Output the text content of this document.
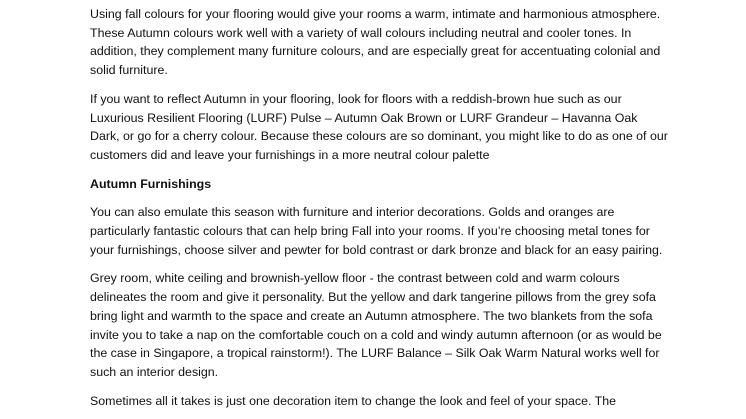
Using fall colours for your flooring would give your rooms a warm, intimate and harmonious atmosphere. These Autumn colours work well with a variety of wall colours including neutral and cooler tones. In addition, they complement many furniture colours, and are especially great for accentuating colonial and solid furniture.

If you want to reflect Autumn in your flooring, look for floors with a reddish-brown hue such as our Luxurious Resilient Flooring (LURF) Pulse – Autumn Oak Brown or LURF Grandeur – Havanna Oak Dark, or go for a cherry colour. Because these colours are so dominant, you might like to do as one of our customers did and leave your furnishings in a more neutral colour palette

Autumn Furnishings

You can also emulate this season with furniture and interior decorations. Golds and oranges are particularly fantastic colours that can help bring Fall into your rooms. If you’re choosing metal tones for your furnishings, choose silver and pewter for bold contrast or dark bronze and black for an easy pairing.

Grey room, white ceiling and brownish-yellow floor - the contrast between cold and warm colours delineates the room and give it personality. But the yellow and dark tangerine pillows from the grey sofa bring light and warmth to the space and create an Autumn atmosphere. The two blankets from the sofa invite you to take a nap on the comfortable couch on a cold and windy autumn afternoon (or as would be the case in Singapore, a tropical rainstorm!). The LURF Balance – Silk Oak Warm Natural works well for such an interior design.

Sometimes all it takes is just one decoration item to change the look and feel of your space. The
